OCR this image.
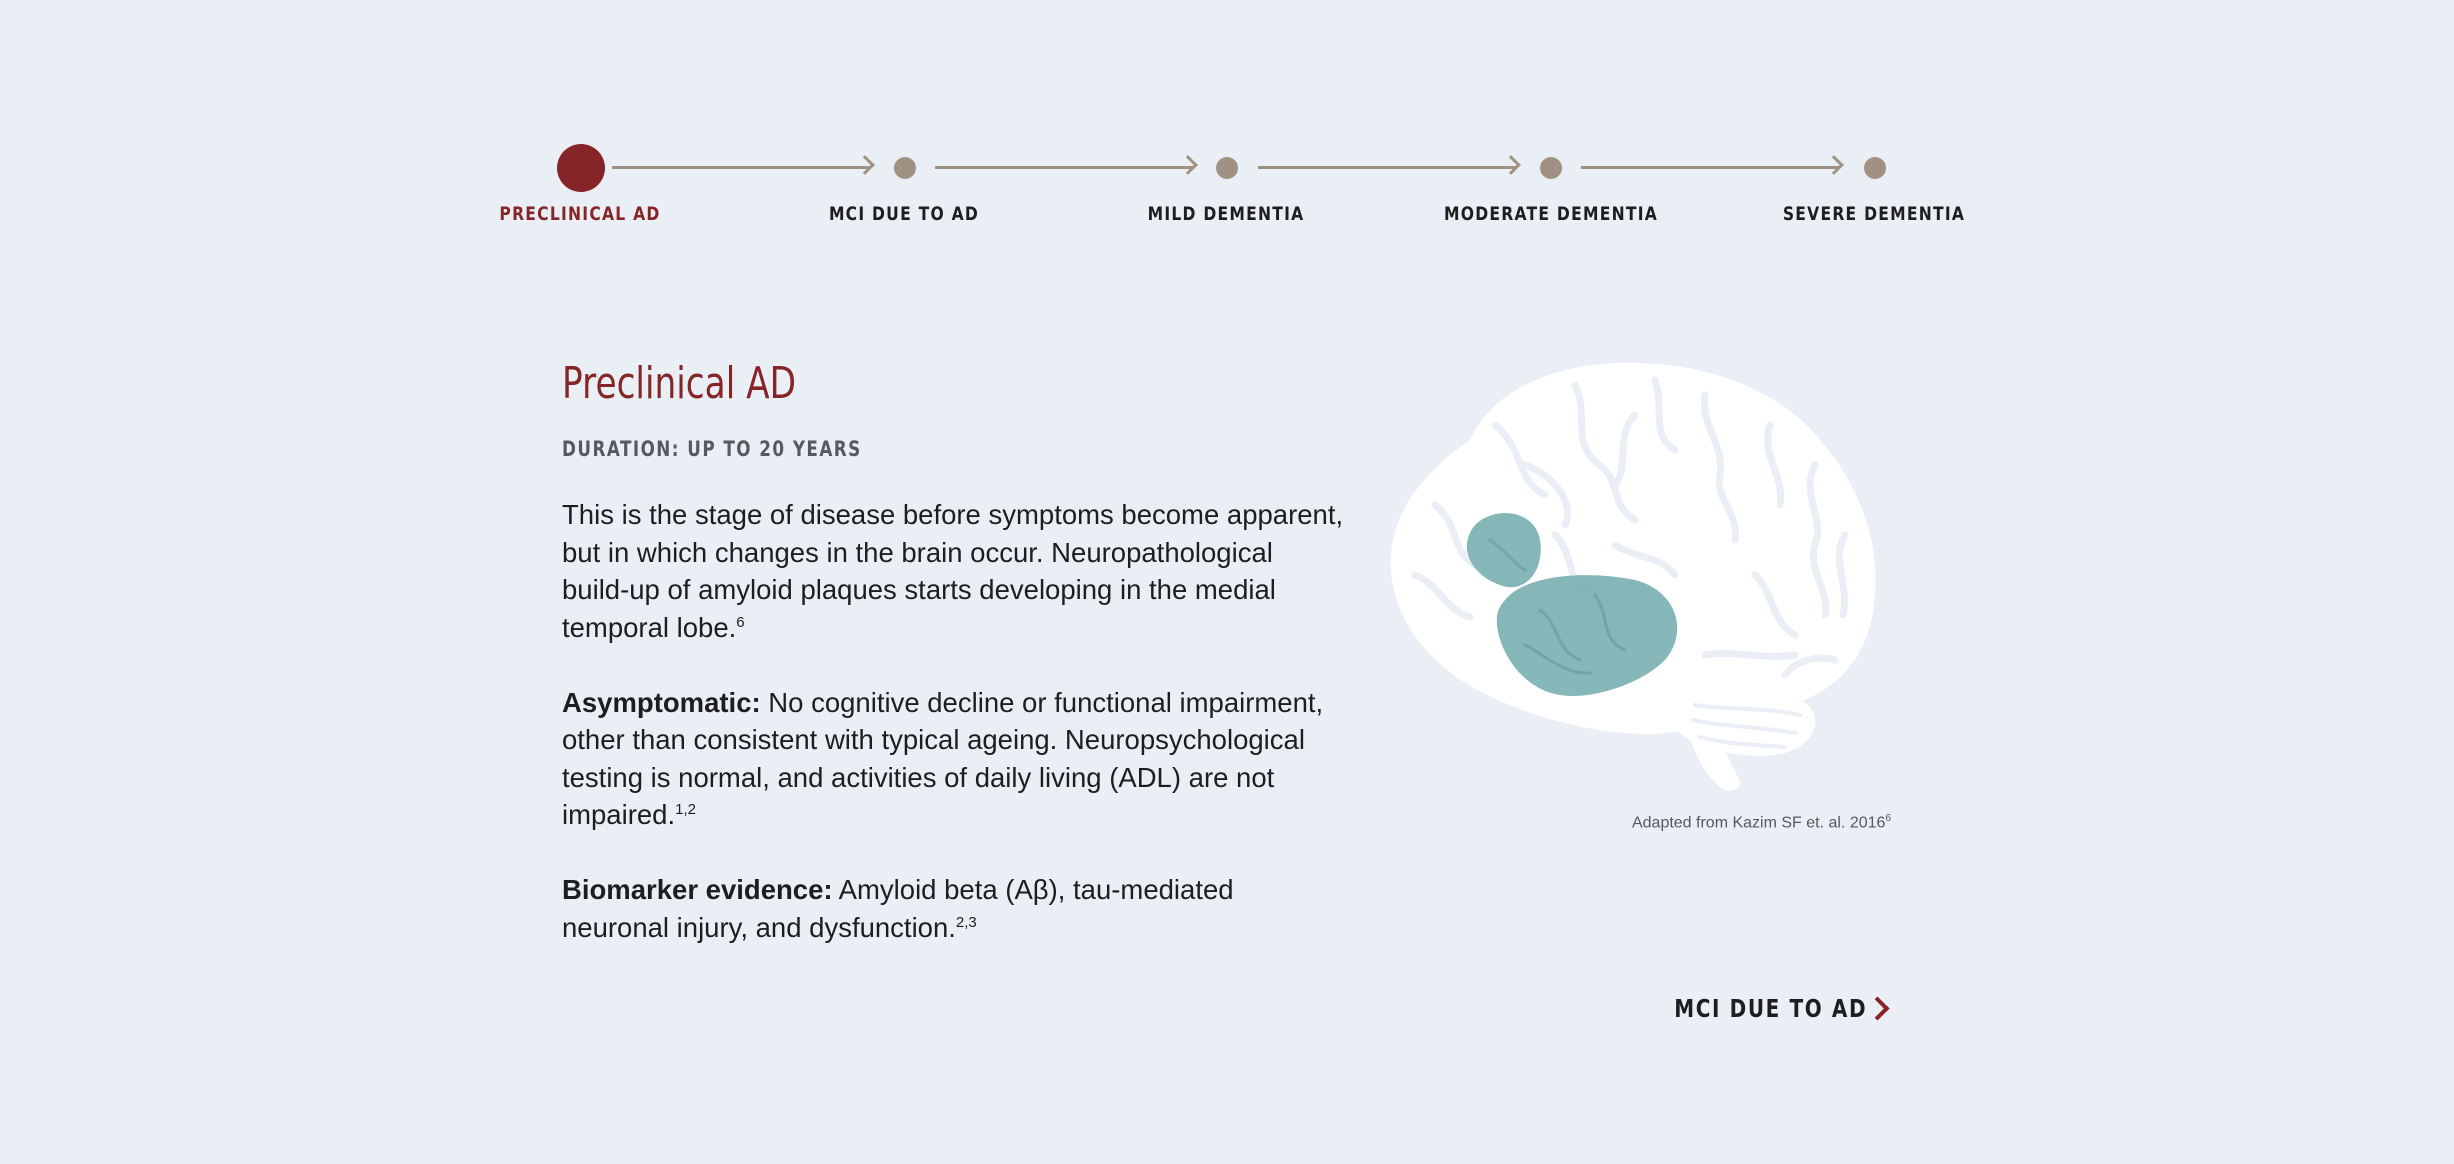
PRECLINICAL AD	MCI DUE TO AD	MILD DEMENTIA	MODERATE DEMENTIA	SEVERE DEMENTIA
Preclinical AD
DURATION: UP TO 20 YEARS

This is the stage of disease before symptoms become apparent, but in which changes in the brain occur. Neuropathological build-up of amyloid plaques starts developing in the medial temporal lobe.$^6$

Asymptomatic: No cognitive decline or functional impairment, other than consistent with typical ageing. Neuropsychological testing is normal, and activities of daily living (ADL) are not impaired.$^{1,2}$

Biomarker evidence: Amyloid beta (Aβ), tau-mediated neuronal injury, and dysfunction.$^{2,3}$

Adapted from Kazim SF et. al. 2016$^6$
MCI DUE TO AD
